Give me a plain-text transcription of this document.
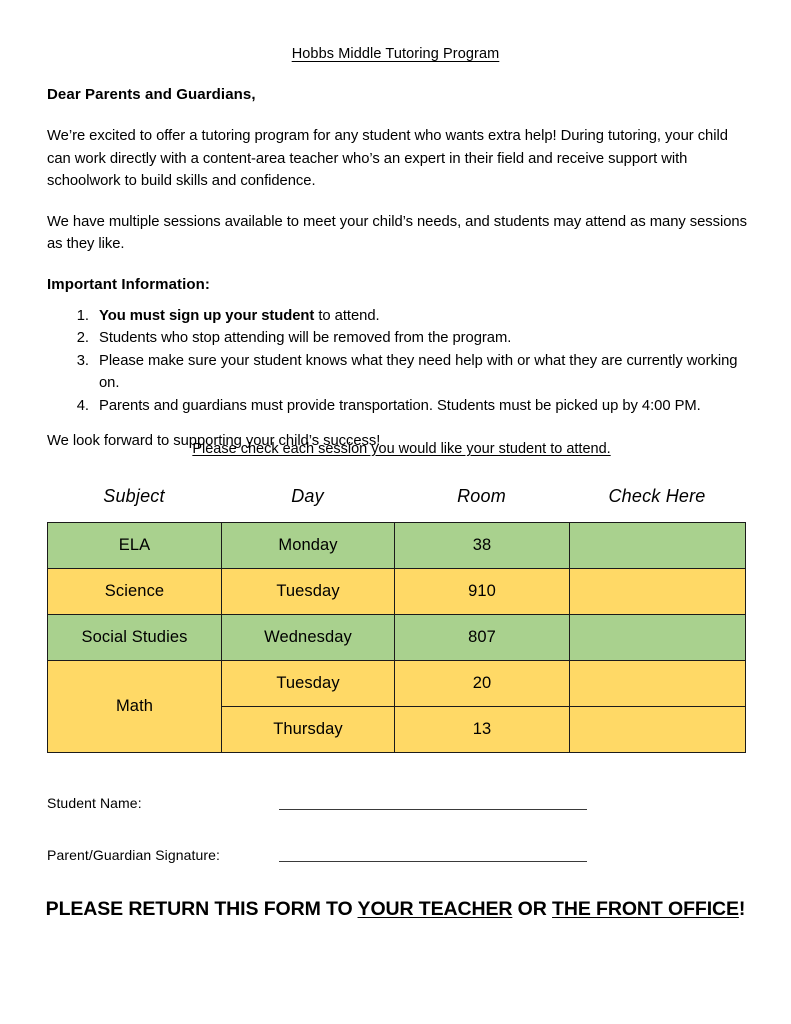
Hobbs Middle Tutoring Program

Dear Parents and Guardians,

We’re excited to offer a tutoring program for any student who wants extra help! During tutoring, your child can work directly with a content-area teacher who’s an expert in their field and receive support with schoolwork to build skills and confidence.

We have multiple sessions available to meet your child’s needs, and students may attend as many sessions as they like.

Important Information:

1. You must sign up your student to attend.
2. Students who stop attending will be removed from the program.
3. Please make sure your student knows what they need help with or what they are currently working on.
4. Parents and guardians must provide transportation. Students must be picked up by 4:00 PM.

We look forward to supporting your child’s success!

Please check each session you would like your student to attend.
Subject	Day	Room	Check Here
ELA	Monday	38	
Science	Tuesday	910	
Social Studies	Wednesday	807	
Math	Tuesday	20	
	Thursday	13	
Student Name:
Parent/Guardian Signature:
PLEASE RETURN THIS FORM TO YOUR TEACHER OR THE FRONT OFFICE!
